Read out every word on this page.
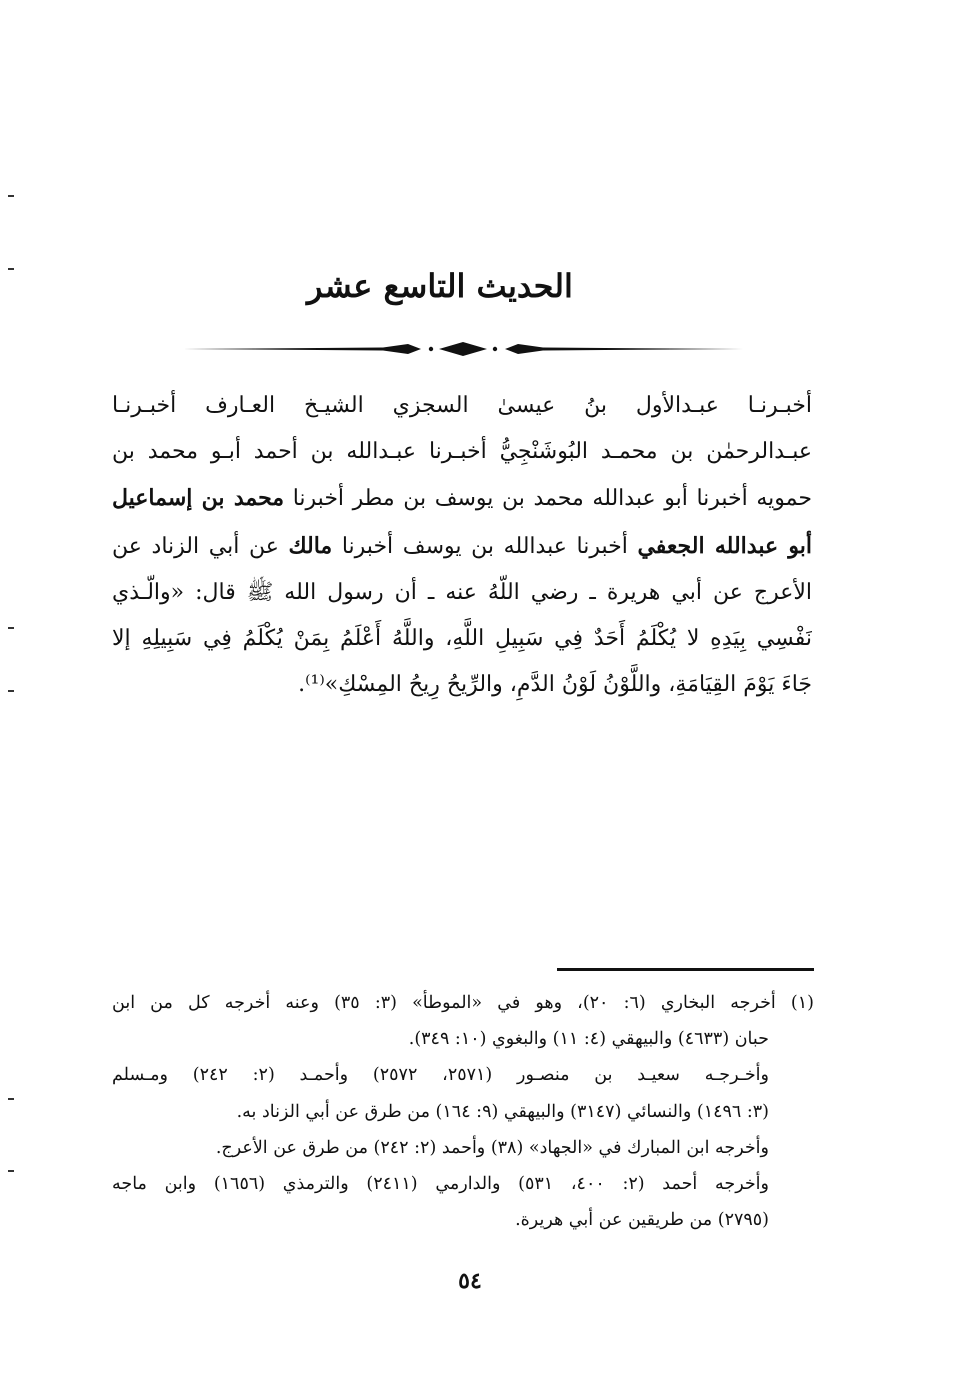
الحديث التاسع عشر
أخبـرنـا عبـدالأول بنُ عيسىٰ السجزي الشيـخ العـارف أخبـرنـا
عبـدالرحمٰن بن محمـد البُوشَنْجِيُّ أخبـرنا عبـدالله بن أحمد أبـو محمد بن
حمويه أخبرنا أبو عبدالله محمد بن يوسف بن مطر أخبرنا محمد بن إسماعيل
أبو عبدالله الجعفي أخبرنا عبدالله بن يوسف أخبرنا مالك عن أبي الزناد عن
الأعرج عن أبي هريرة ـ رضي اللّهُ عنه ـ أن رسول الله ﷺ قال: «والّـذي
نَفْسِي بِيَدِهِ لا يُكْلَمُ أَحَدٌ فِي سَبِيلِ اللَّهِ، واللَّهُ أَعْلَمُ بِمَنْ يُكْلَمُ فِي سَبِيلِهِ إلا
جَاءَ يَوْمَ القِيَامَةِ، واللَّوْنُ لَوْنُ الدَّمِ، والرِّيحُ رِيحُ المِسْكِ»⁽¹⁾.
(١) أخرجه البخاري (٦: ٢٠)، وهو في «الموطأ» (٣: ٣٥) وعنه أخرجه كل من ابن
حبان (٤٦٣٣) والبيهقي (٤: ١١) والبغوي (١٠: ٣٤٩).
وأخـرجـه سعيـد بن منصـور (٢٥٧١، ٢٥٧٢) وأحمـد (٢: ٢٤٢) ومـسلم
(٣: ١٤٩٦) والنسائي (٣١٤٧) والبيهقي (٩: ١٦٤) من طرق عن أبي الزناد به.
وأخرجه ابن المبارك في «الجهاد» (٣٨) وأحمد (٢: ٢٤٢) من طرق عن الأعرج.
وأخرجه أحمد (٢: ٤٠٠، ٥٣١) والدارمي (٢٤١١) والترمذي (١٦٥٦) وابن ماجه
(٢٧٩٥) من طريقين عن أبي هريرة.
٥٤
